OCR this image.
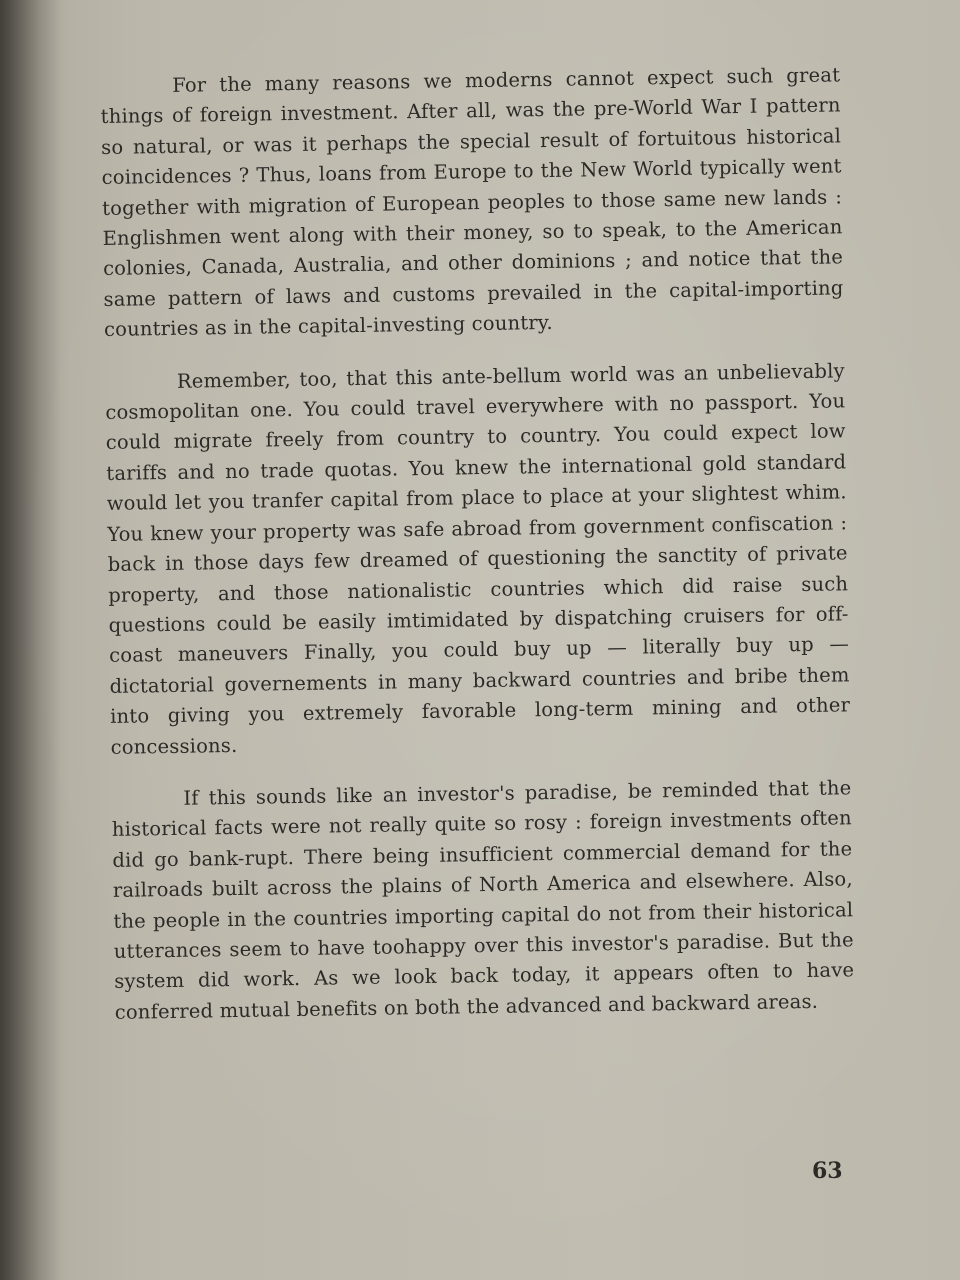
For the many reasons we moderns cannot expect such great things of foreign investment. After all, was the pre-World War I pattern so natural, or was it perhaps the special result of fortuitous historical coincidences ? Thus, loans from Europe to the New World typically went together with migration of European peoples to those same new lands : Englishmen went along with their money, so to speak, to the American colonies, Canada, Australia, and other dominions ; and notice that the same pattern of laws and customs prevailed in the capital-importing countries as in the capital-investing country.

Remember, too, that this ante-bellum world was an unbelievably cosmopolitan one. You could travel everywhere with no passport. You could migrate freely from country to country. You could expect low tariffs and no trade quotas. You knew the international gold standard would let you tranfer capital from place to place at your slightest whim. You knew your property was safe abroad from government confiscation : back in those days few dreamed of questioning the sanctity of private property, and those nationalistic countries which did raise such questions could be easily imtimidated by dispatching cruisers for off-coast maneuvers Finally, you could buy up — literally buy up — dictatorial governements in many backward countries and bribe them into giving you extremely favorable long-term mining and other concessions.

If this sounds like an investor's paradise, be reminded that the historical facts were not really quite so rosy : foreign investments often did go bank-rupt. There being insufficient commercial demand for the railroads built across the plains of North America and elsewhere. Also, the people in the countries importing capital do not from their historical utterances seem to have toohappy over this investor's paradise. But the system did work. As we look back today, it appears often to have conferred mutual benefits on both the advanced and backward areas.

63
